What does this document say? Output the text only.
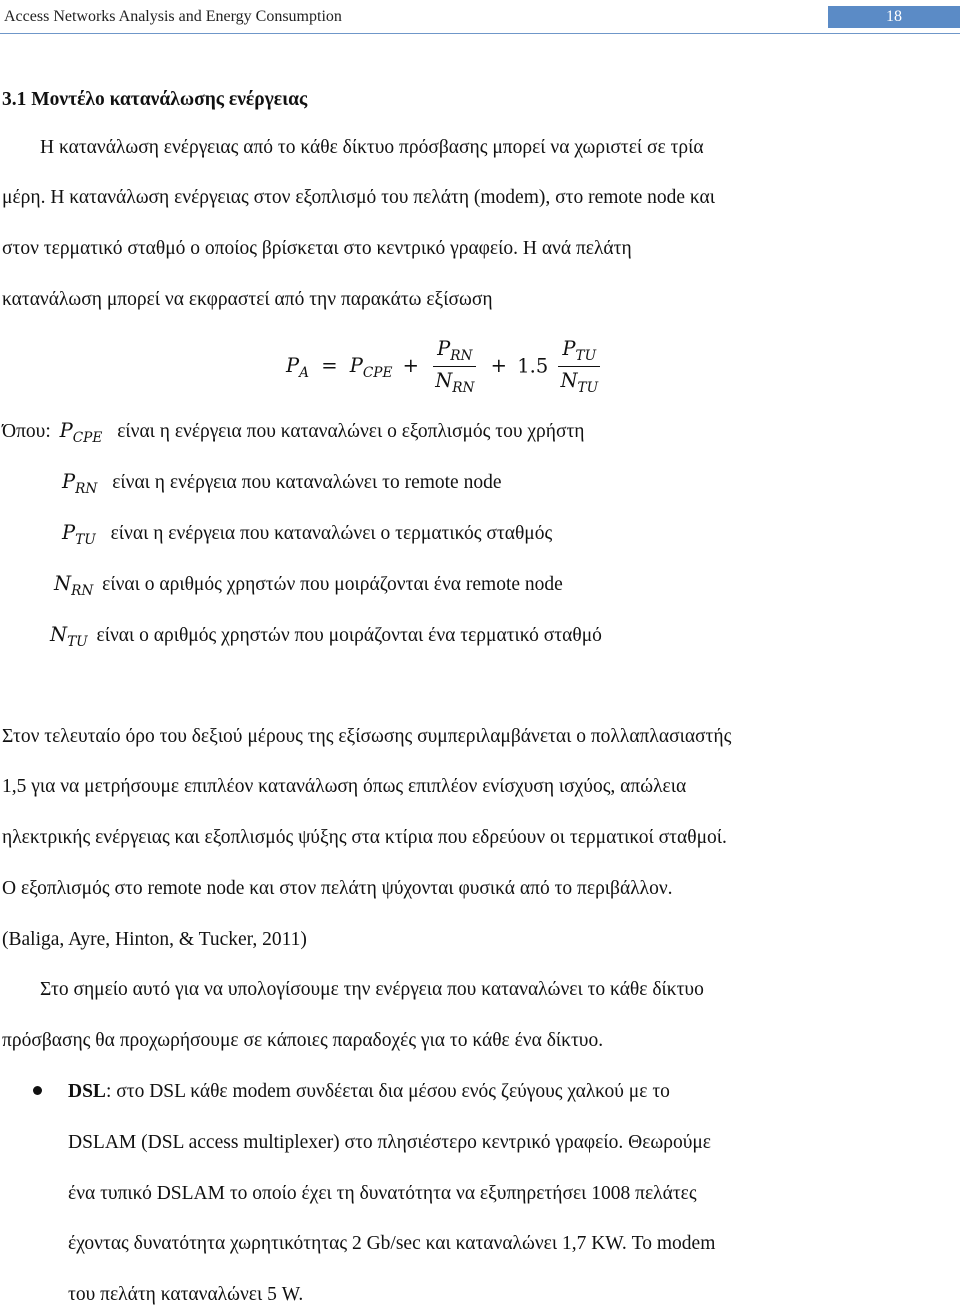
Access Networks Analysis and Energy Consumption	18
3.1 Μοντέλο κατανάλωσης ενέργειας
Η κατανάλωση ενέργειας από το κάθε δίκτυο πρόσβασης μπορεί να χωριστεί σε τρία
μέρη. Η κατανάλωση ενέργειας στον εξοπλισμό του πελάτη (modem), στο remote node και
στον τερματικό σταθμό ο οποίος βρίσκεται στο κεντρικό γραφείο. Η ανά πελάτη
κατανάλωση μπορεί να εκφραστεί από την παρακάτω εξίσωση
$P_A = P_{CPE} + \frac{P_{RN}}{N_{RN}} + 1.5 \frac{P_{TU}}{N_{TU}}$
Όπου: $P_{CPE}$ είναι η ενέργεια που καταναλώνει ο εξοπλισμός του χρήστη
$P_{RN}$ είναι η ενέργεια που καταναλώνει το remote node
$P_{TU}$ είναι η ενέργεια που καταναλώνει ο τερματικός σταθμός
$N_{RN}$ είναι ο αριθμός χρηστών που μοιράζονται ένα remote node
$N_{TU}$ είναι ο αριθμός χρηστών που μοιράζονται ένα τερματικό σταθμό
Στον τελευταίο όρο του δεξιού μέρους της εξίσωσης συμπεριλαμβάνεται ο πολλαπλασιαστής
1,5 για να μετρήσουμε επιπλέον κατανάλωση όπως επιπλέον ενίσχυση ισχύος, απώλεια
ηλεκτρικής ενέργειας και εξοπλισμός ψύξης στα κτίρια που εδρεύουν οι τερματικοί σταθμοί.
Ο εξοπλισμός στο remote node και στον πελάτη ψύχονται φυσικά από το περιβάλλον.
(Baliga, Ayre, Hinton, & Tucker, 2011)
Στο σημείο αυτό για να υπολογίσουμε την ενέργεια που καταναλώνει το κάθε δίκτυο
πρόσβασης θα προχωρήσουμε σε κάποιες παραδοχές για το κάθε ένα δίκτυο.
DSL: στο DSL κάθε modem συνδέεται δια μέσου ενός ζεύγους χαλκού με το
DSLAM (DSL access multiplexer) στο πλησιέστερο κεντρικό γραφείο. Θεωρούμε
ένα τυπικό DSLAM το οποίο έχει τη δυνατότητα να εξυπηρετήσει 1008 πελάτες
έχοντας δυνατότητα χωρητικότητας 2 Gb/sec και καταναλώνει 1,7 KW. Το modem
του πελάτη καταναλώνει 5 W.
